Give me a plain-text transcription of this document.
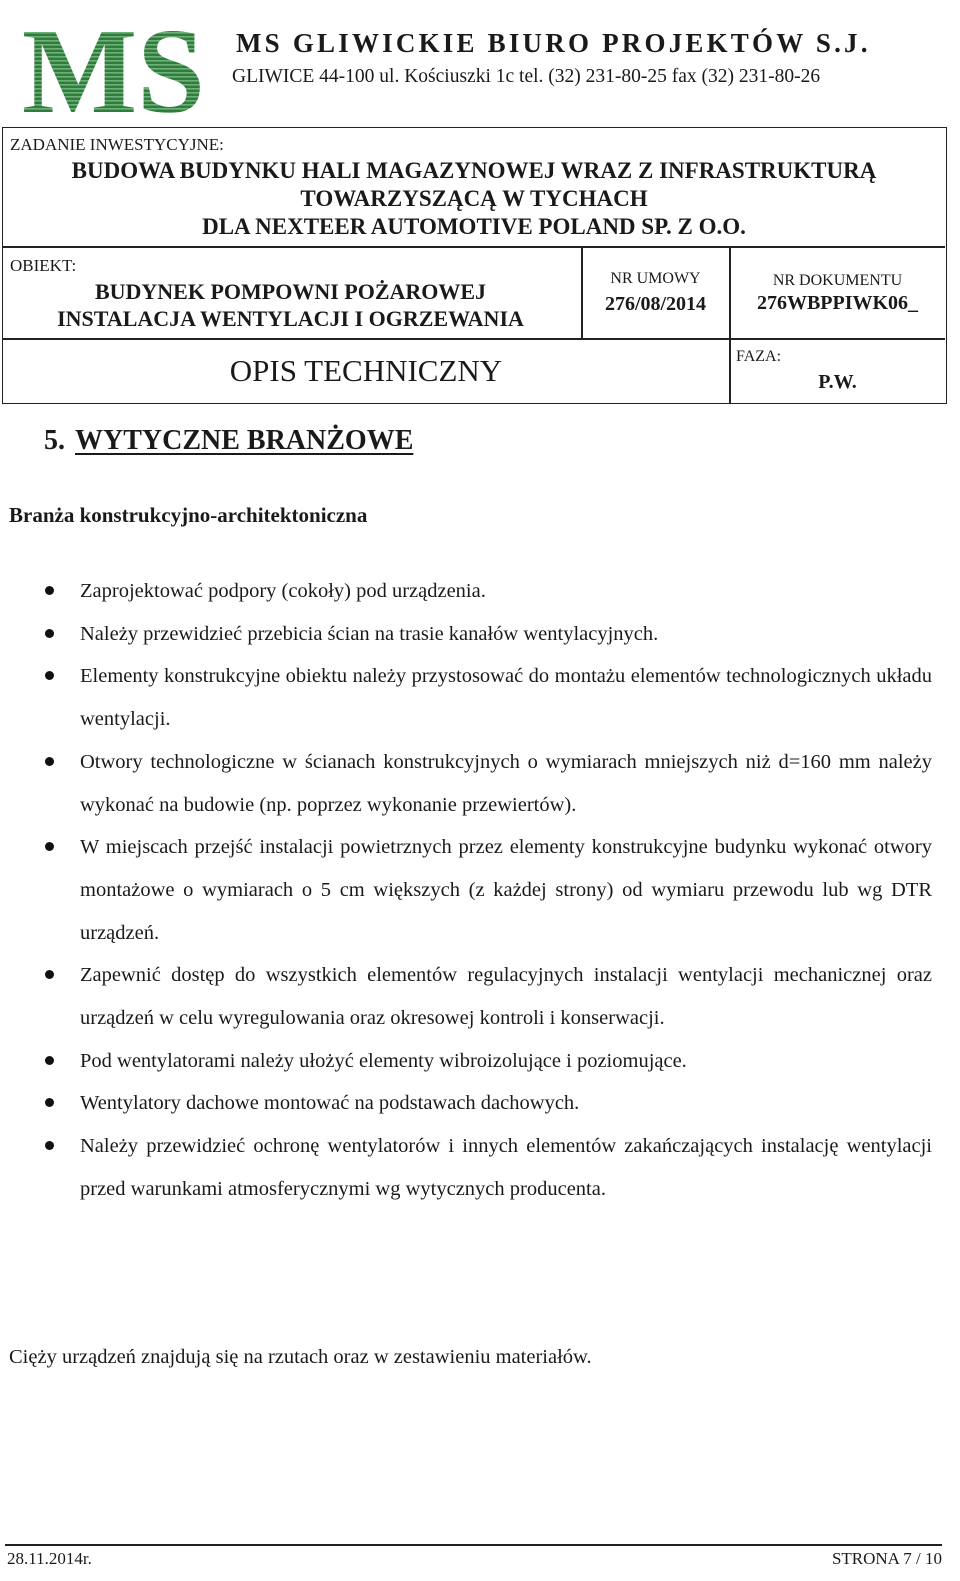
MS MS GLIWICKIE BIURO PROJEKTÓW S.J.
GLIWICE 44-100 ul. Kościuszki 1c tel. (32) 231-80-25 fax (32) 231-80-26
ZADANIE INWESTYCYJNE:
BUDOWA BUDYNKU HALI MAGAZYNOWEJ WRAZ Z INFRASTRUKTURĄ
TOWARZYSZĄCĄ W TYCHACH
DLA NEXTEER AUTOMOTIVE POLAND SP. Z O.O.
OBIEKT:
BUDYNEK POMPOWNI POŻAROWEJ
INSTALACJA WENTYLACJI I OGRZEWANIA
NR UMOWY
276/08/2014
NR DOKUMENTU
276WBPPIWK06_
OPIS TECHNICZNY	FAZA:
P.W.
5. WYTYCZNE BRANŻOWE
Branża konstrukcyjno-architektoniczna
Zaprojektować podpory (cokoły) pod urządzenia.
Należy przewidzieć przebicia ścian na trasie kanałów wentylacyjnych.
Elementy konstrukcyjne obiektu należy przystosować do montażu elementów technologicznych układu wentylacji.
Otwory technologiczne w ścianach konstrukcyjnych o wymiarach mniejszych niż d=160 mm należy wykonać na budowie (np. poprzez wykonanie przewiertów).
W miejscach przejść instalacji powietrznych przez elementy konstrukcyjne budynku wykonać otwory montażowe o wymiarach o 5 cm większych (z każdej strony) od wymiaru przewodu lub wg DTR urządzeń.
Zapewnić dostęp do wszystkich elementów regulacyjnych instalacji wentylacji mechanicznej oraz urządzeń w celu wyregulowania oraz okresowej kontroli i konserwacji.
Pod wentylatorami należy ułożyć elementy wibroizolujące i poziomujące.
Wentylatory dachowe montować na podstawach dachowych.
Należy przewidzieć ochronę wentylatorów i innych elementów zakańczających instalację wentylacji przed warunkami atmosferycznymi wg wytycznych producenta.
Cięży urządzeń znajdują się na rzutach oraz w zestawieniu materiałów.
28.11.2014r.	STRONA 7 / 10
